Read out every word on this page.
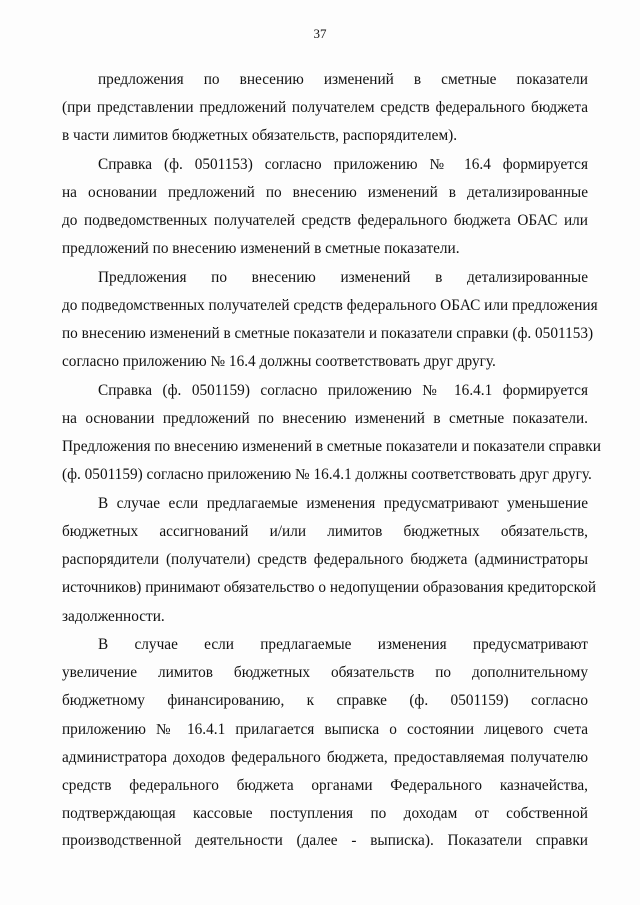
37
предложения по внесению изменений в сметные показатели
(при представлении предложений получателем средств федерального бюджета
в части лимитов бюджетных обязательств, распорядителем).
Справка (ф. 0501153) согласно приложению № 16.4 формируется
на основании предложений по внесению изменений в детализированные
до подведомственных получателей средств федерального бюджета ОБАС или
предложений по внесению изменений в сметные показатели.
Предложения по внесению изменений в детализированные
до подведомственных получателей средств федерального ОБАС или предложения
по внесению изменений в сметные показатели и показатели справки (ф. 0501153)
согласно приложению № 16.4 должны соответствовать друг другу.
Справка (ф. 0501159) согласно приложению № 16.4.1 формируется
на основании предложений по внесению изменений в сметные показатели.
Предложения по внесению изменений в сметные показатели и показатели справки
(ф. 0501159) согласно приложению № 16.4.1 должны соответствовать друг другу.
В случае если предлагаемые изменения предусматривают уменьшение
бюджетных ассигнований и/или лимитов бюджетных обязательств,
распорядители (получатели) средств федерального бюджета (администраторы
источников) принимают обязательство о недопущении образования кредиторской
задолженности.
В случае если предлагаемые изменения предусматривают
увеличение лимитов бюджетных обязательств по дополнительному
бюджетному финансированию, к справке (ф. 0501159) согласно
приложению № 16.4.1 прилагается выписка о состоянии лицевого счета
администратора доходов федерального бюджета, предоставляемая получателю
средств федерального бюджета органами Федерального казначейства,
подтверждающая кассовые поступления по доходам от собственной
производственной деятельности (далее - выписка). Показатели справки
